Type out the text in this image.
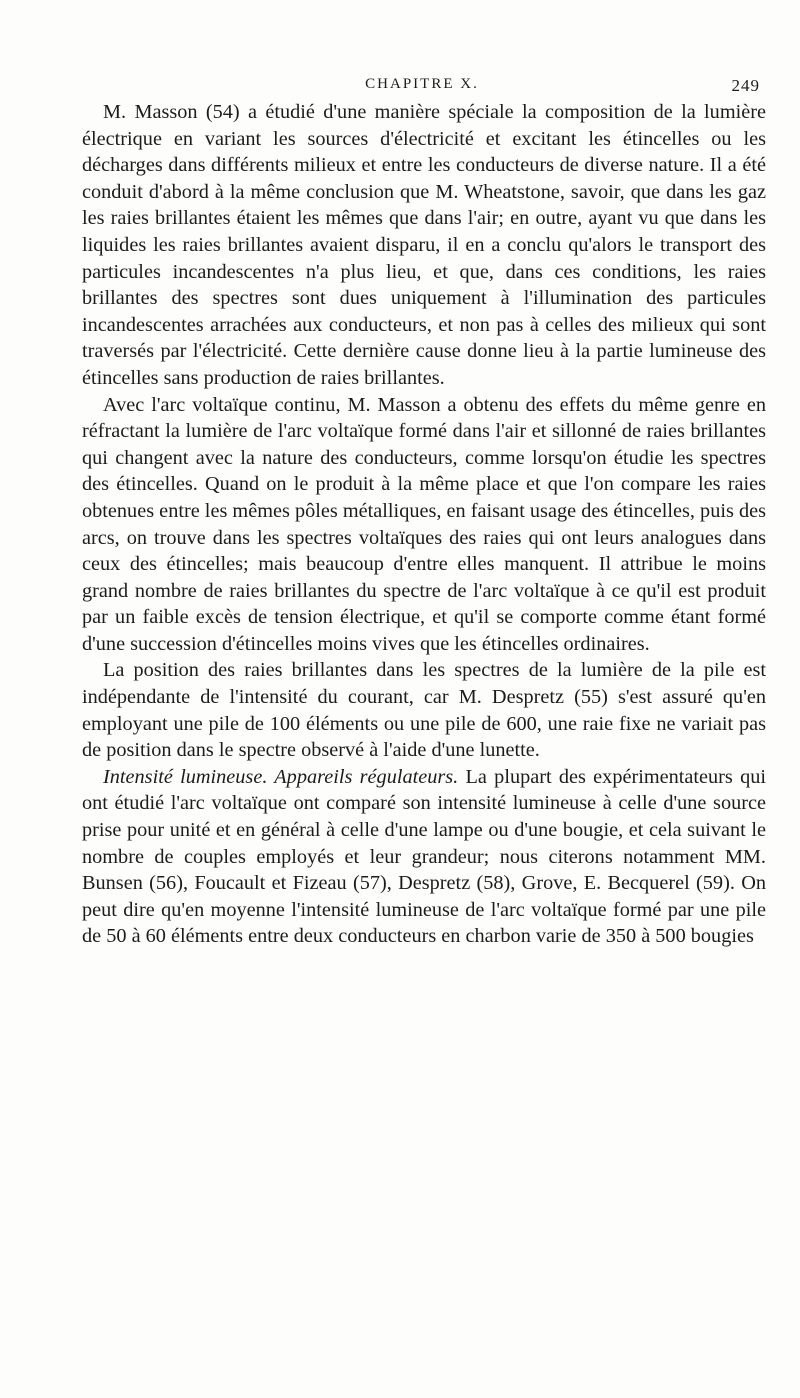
CHAPITRE X.	249

M. Masson (54) a étudié d'une manière spéciale la composition de la lumière électrique en variant les sources d'électricité et excitant les étincelles ou les décharges dans différents milieux et entre les conducteurs de diverse nature. Il a été conduit d'abord à la même conclusion que M. Wheatstone, savoir, que dans les gaz les raies brillantes étaient les mêmes que dans l'air; en outre, ayant vu que dans les liquides les raies brillantes avaient disparu, il en a conclu qu'alors le transport des particules incandescentes n'a plus lieu, et que, dans ces conditions, les raies brillantes des spectres sont dues uniquement à l'illumination des particules incandescentes arrachées aux conducteurs, et non pas à celles des milieux qui sont traversés par l'électricité. Cette dernière cause donne lieu à la partie lumineuse des étincelles sans production de raies brillantes.

Avec l'arc voltaïque continu, M. Masson a obtenu des effets du même genre en réfractant la lumière de l'arc voltaïque formé dans l'air et sillonné de raies brillantes qui changent avec la nature des conducteurs, comme lorsqu'on étudie les spectres des étincelles. Quand on le produit à la même place et que l'on compare les raies obtenues entre les mêmes pôles métalliques, en faisant usage des étincelles, puis des arcs, on trouve dans les spectres voltaïques des raies qui ont leurs analogues dans ceux des étincelles; mais beaucoup d'entre elles manquent. Il attribue le moins grand nombre de raies brillantes du spectre de l'arc voltaïque à ce qu'il est produit par un faible excès de tension électrique, et qu'il se comporte comme étant formé d'une succession d'étincelles moins vives que les étincelles ordinaires.

La position des raies brillantes dans les spectres de la lumière de la pile est indépendante de l'intensité du courant, car M. Despretz (55) s'est assuré qu'en employant une pile de 100 éléments ou une pile de 600, une raie fixe ne variait pas de position dans le spectre observé à l'aide d'une lunette.

Intensité lumineuse. Appareils régulateurs. La plupart des expérimentateurs qui ont étudié l'arc voltaïque ont comparé son intensité lumineuse à celle d'une source prise pour unité et en général à celle d'une lampe ou d'une bougie, et cela suivant le nombre de couples employés et leur grandeur; nous citerons notamment MM. Bunsen (56), Foucault et Fizeau (57), Despretz (58), Grove, E. Becquerel (59). On peut dire qu'en moyenne l'intensité lumineuse de l'arc voltaïque formé par une pile de 50 à 60 éléments entre deux conducteurs en charbon varie de 350 à 500 bougies
